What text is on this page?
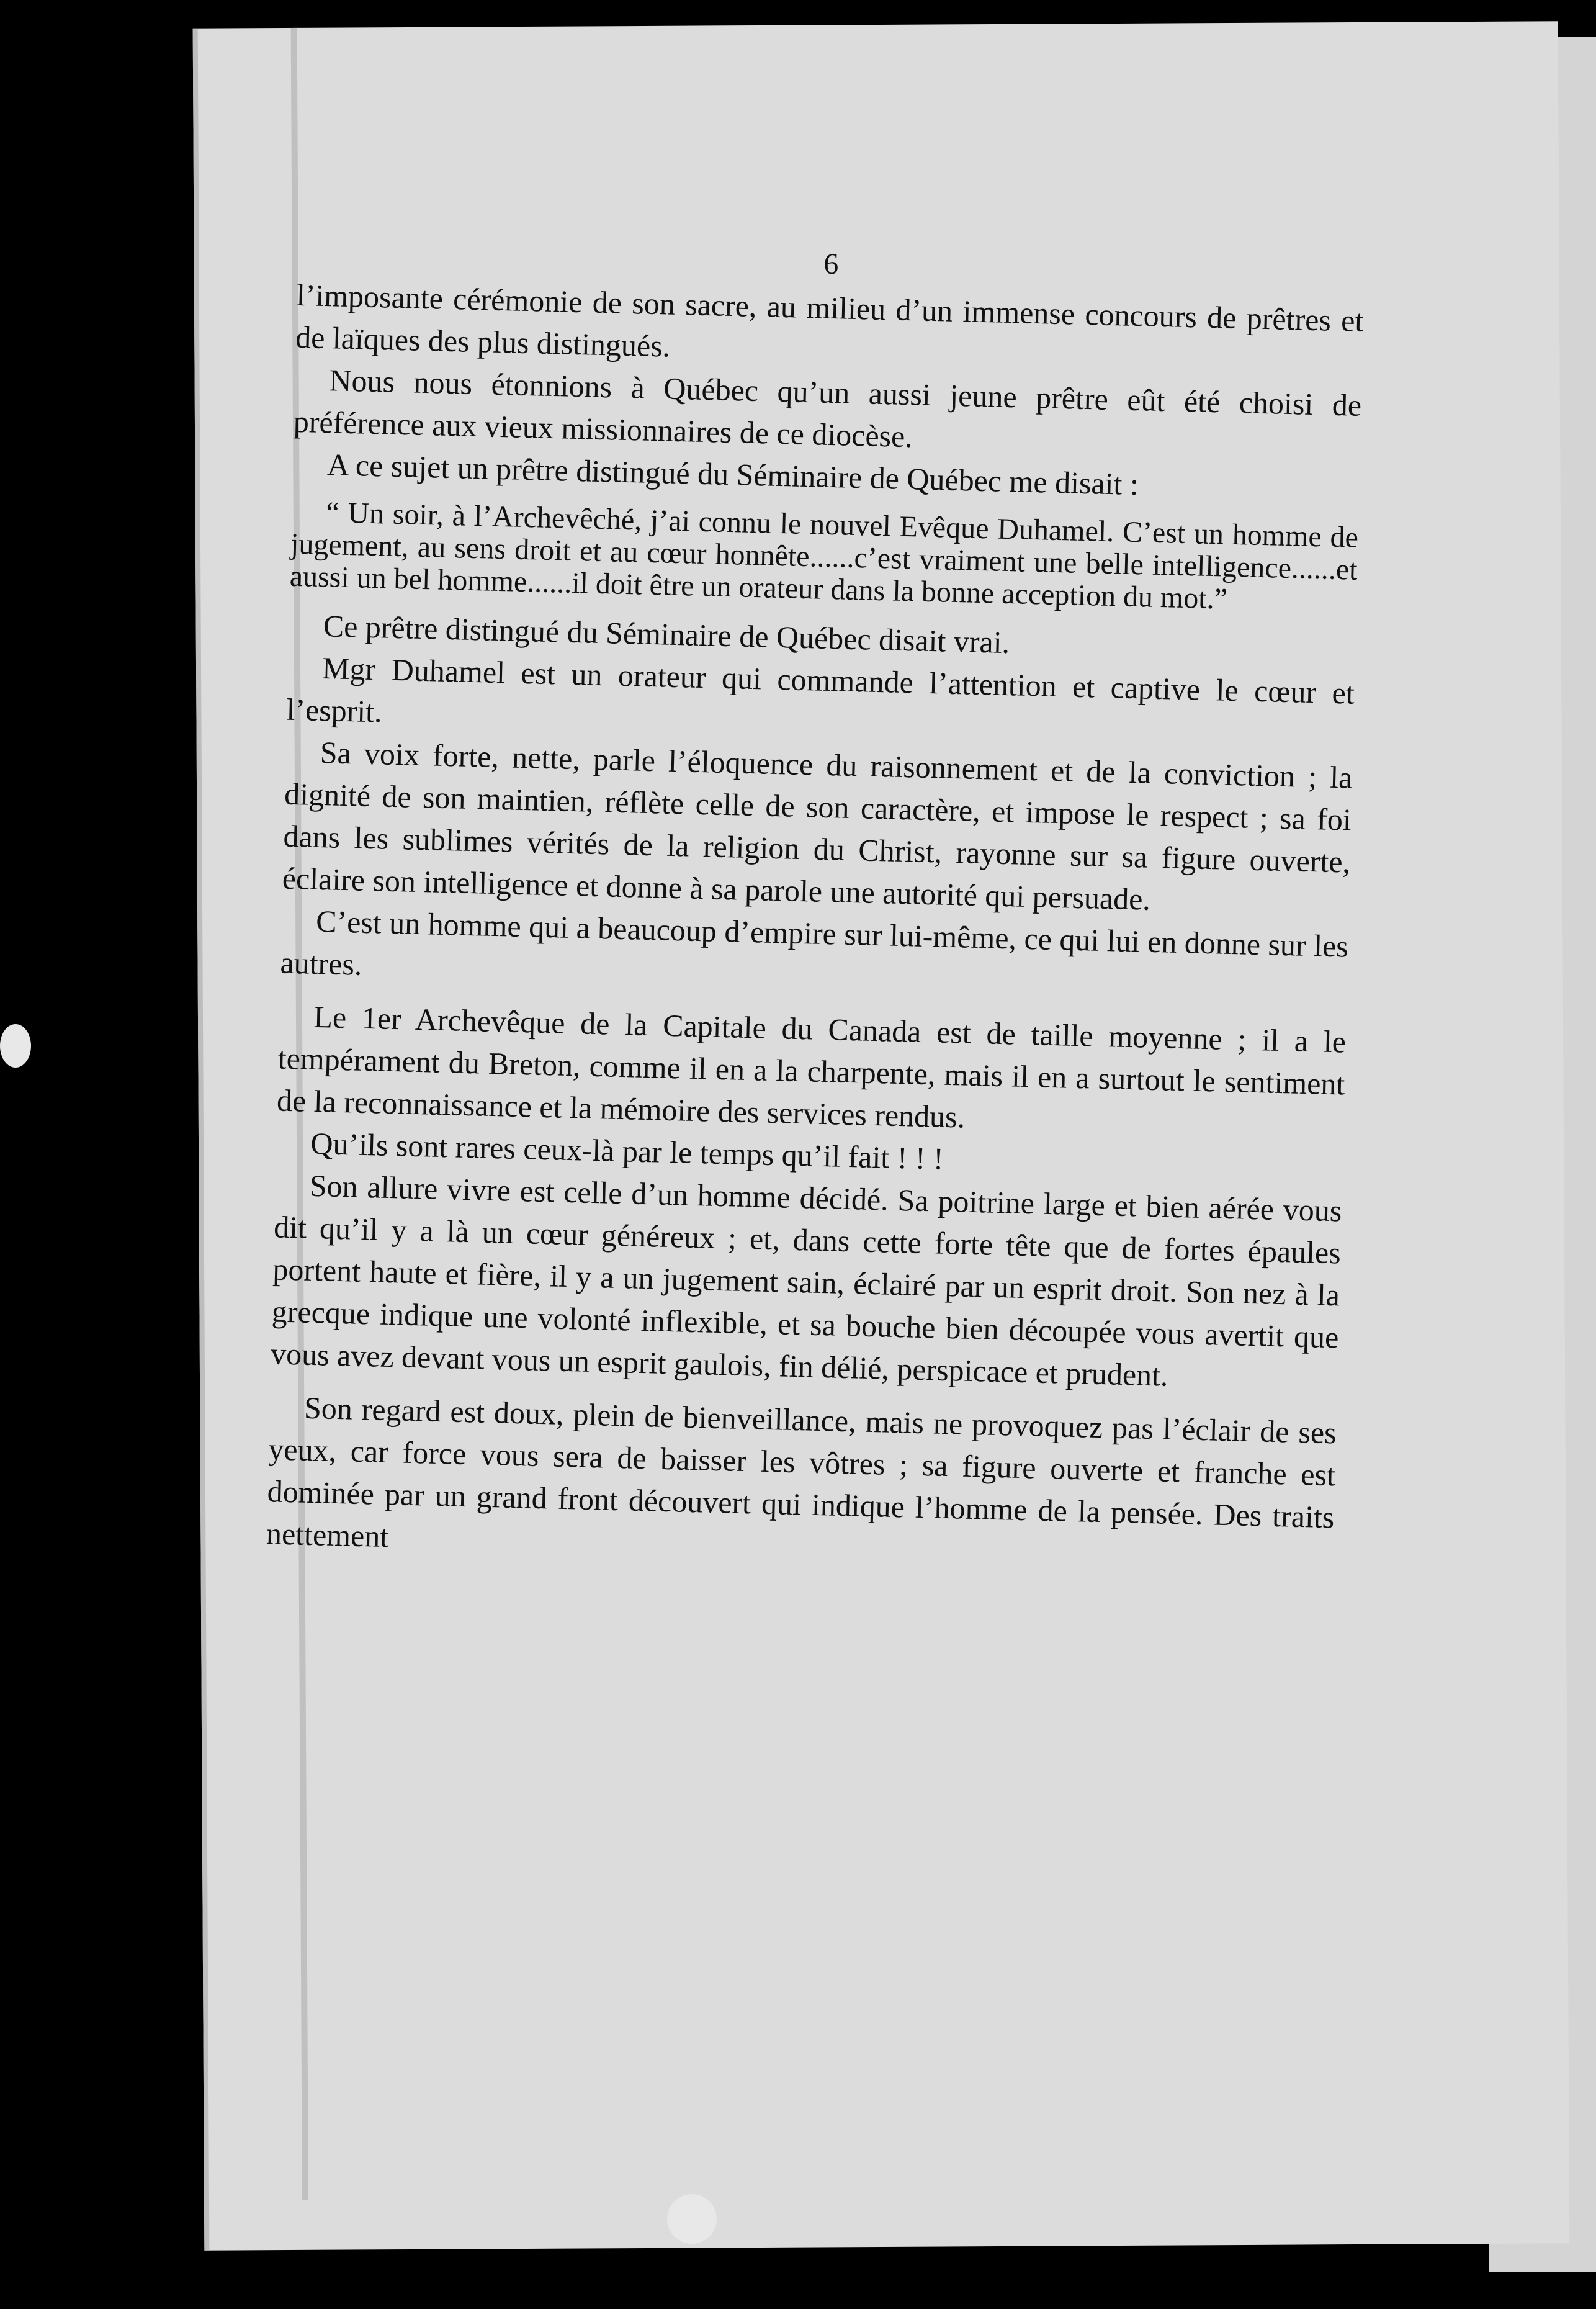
6

l’imposante cérémonie de son sacre, au milieu d’un immense concours de prêtres et de laïques des plus distingués.

Nous nous étonnions à Québec qu’un aussi jeune prêtre eût été choisi de préférence aux vieux missionnaires de ce diocèse.

A ce sujet un prêtre distingué du Séminaire de Québec me disait :

“ Un soir, à l’Archevêché, j’ai connu le nouvel Evêque Duhamel. C’est un homme de jugement, au sens droit et au cœur honnête......c’est vraiment une belle intelligence......et aussi un bel homme......il doit être un orateur dans la bonne acception du mot.”

Ce prêtre distingué du Séminaire de Québec disait vrai.

Mgr Duhamel est un orateur qui commande l’attention et captive le cœur et l’esprit.

Sa voix forte, nette, parle l’éloquence du raisonnement et de la conviction ; la dignité de son maintien, réflète celle de son caractère, et impose le respect ; sa foi dans les sublimes vérités de la religion du Christ, rayonne sur sa figure ouverte, éclaire son intelligence et donne à sa parole une autorité qui persuade.

C’est un homme qui a beaucoup d’empire sur lui-même, ce qui lui en donne sur les autres.

Le 1er Archevêque de la Capitale du Canada est de taille moyenne ; il a le tempérament du Breton, comme il en a la charpente, mais il en a surtout le sentiment de la reconnaissance et la mémoire des services rendus.

Qu’ils sont rares ceux-là par le temps qu’il fait ! ! !

Son allure vivre est celle d’un homme décidé. Sa poitrine large et bien aérée vous dit qu’il y a là un cœur généreux ; et, dans cette forte tête que de fortes épaules portent haute et fière, il y a un jugement sain, éclairé par un esprit droit. Son nez à la grecque indique une volonté inflexible, et sa bouche bien découpée vous avertit que vous avez devant vous un esprit gaulois, fin délié, perspicace et prudent.

Son regard est doux, plein de bienveillance, mais ne provoquez pas l’éclair de ses yeux, car force vous sera de baisser les vôtres ; sa figure ouverte et franche est dominée par un grand front découvert qui indique l’homme de la pensée. Des traits nettement
